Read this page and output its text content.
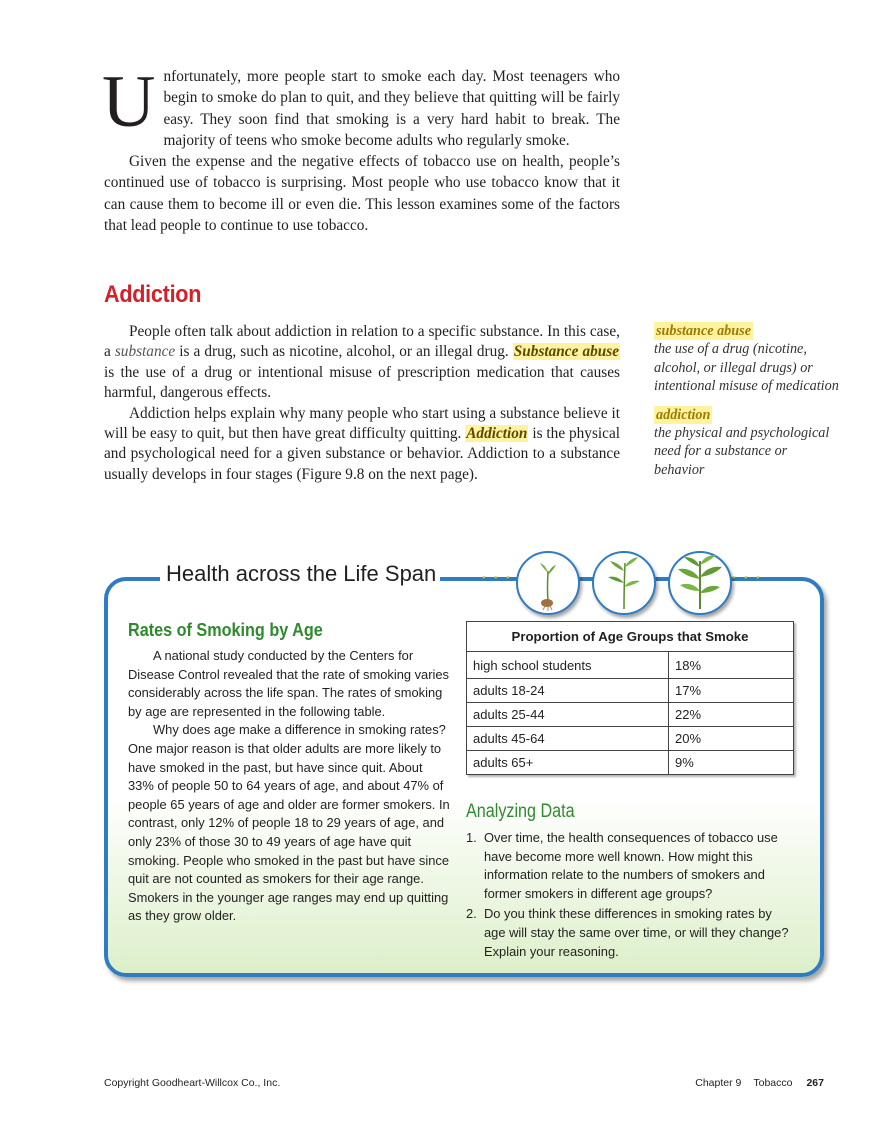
Unfortunately, more people start to smoke each day. Most teenagers who begin to smoke do plan to quit, and they believe that quitting will be fairly easy. They soon find that smoking is a very hard habit to break. The majority of teens who smoke become adults who regularly smoke.

Given the expense and the negative effects of tobacco use on health, people’s continued use of tobacco is surprising. Most people who use tobacco know that it can cause them to become ill or even die. This lesson examines some of the factors that lead people to continue to use tobacco.

Addiction

People often talk about addiction in relation to a specific substance. In this case, a substance is a drug, such as nicotine, alcohol, or an illegal drug. Substance abuse is the use of a drug or intentional misuse of prescription medication that causes harmful, dangerous effects.

Addiction helps explain why many people who start using a substance believe it will be easy to quit, but then have great difficulty quitting. Addiction is the physical and psychological need for a given substance or behavior. Addiction to a substance usually develops in four stages (Figure 9.8 on the next page).

substance abuse
the use of a drug (nicotine, alcohol, or illegal drugs) or intentional misuse of medication
addiction
the physical and psychological need for a substance or behavior
Health across the Life Span	• • •	• • •
Rates of Smoking by Age

A national study conducted by the Centers for Disease Control revealed that the rate of smoking varies considerably across the life span. The rates of smoking by age are represented in the following table.

Why does age make a difference in smoking rates? One major reason is that older adults are more likely to have smoked in the past, but have since quit. About 33% of people 50 to 64 years of age, and about 47% of people 65 years of age and older are former smokers. In contrast, only 12% of people 18 to 29 years of age, and only 23% of those 30 to 49 years of age have quit smoking. People who smoked in the past but have since quit are not counted as smokers for their age range. Smokers in the younger age ranges may end up quitting as they grow older.

Proportion of Age Groups that Smoke	
high school students	18%
adults 18-24	17%
adults 25-44	22%
adults 45-64	20%
adults 65+	9%
Analyzing Data
1. Over time, the health consequences of tobacco use have become more well known. How might this information relate to the numbers of smokers and former smokers in different age groups?
2. Do you think these differences in smoking rates by age will stay the same over time, or will they change? Explain your reasoning.
Copyright Goodheart-Willcox Co., Inc.	Chapter 9 Tobacco 267
